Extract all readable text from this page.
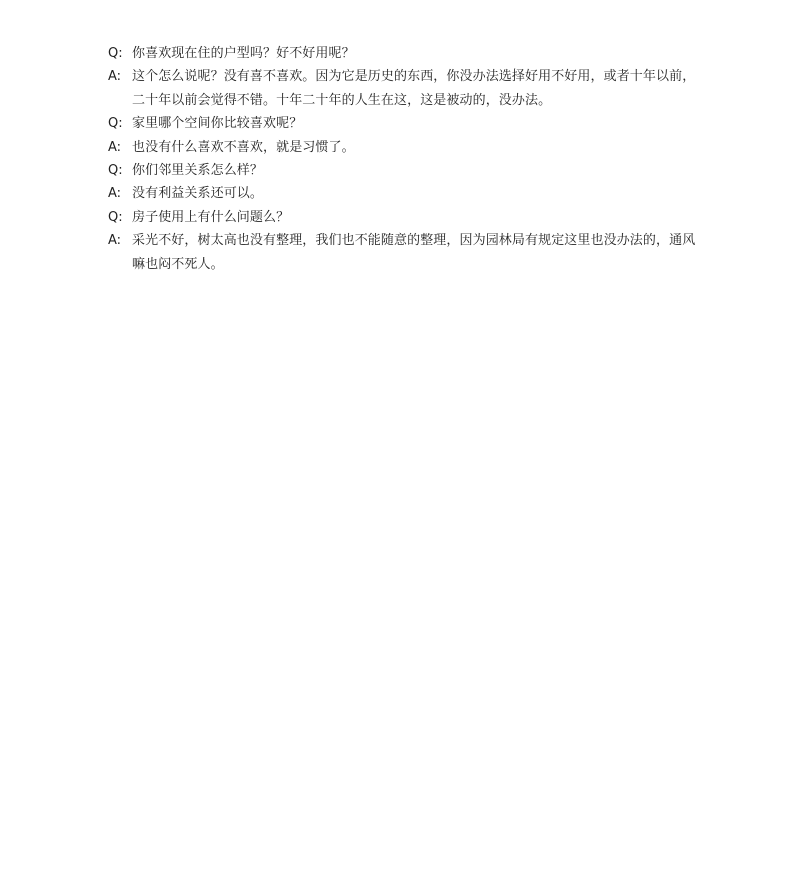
Q: 你喜欢现在住的户型吗？好不好用呢？
A: 这个怎么说呢？没有喜不喜欢。因为它是历史的东西，你没办法选择好用不好用，或者十年以前，二十年以前会觉得不错。十年二十年的人生在这，这是被动的，没办法。
Q: 家里哪个空间你比较喜欢呢？
A: 也没有什么喜欢不喜欢，就是习惯了。
Q: 你们邻里关系怎么样？
A: 没有利益关系还可以。
Q: 房子使用上有什么问题么？
A: 采光不好，树太高也没有整理，我们也不能随意的整理，因为园林局有规定这里也没办法的，通风嘛也闷不死人。
